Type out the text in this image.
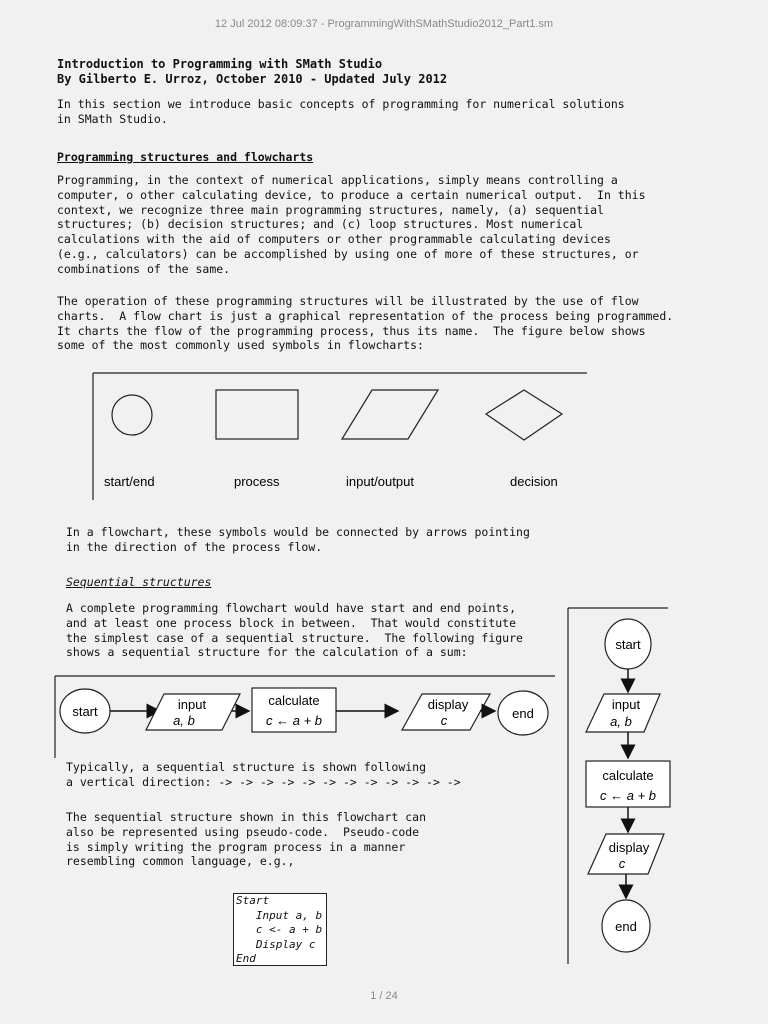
12 Jul 2012 08:09:37 - ProgrammingWithSMathStudio2012_Part1.sm
Introduction to Programming with SMath Studio
By Gilberto E. Urroz, October 2010 - Updated July 2012
In this section we introduce basic concepts of programming for numerical solutions
in SMath Studio.
Programming structures and flowcharts
Programming, in the context of numerical applications, simply means controlling a
computer, o other calculating device, to produce a certain numerical output.  In this
context, we recognize three main programming structures, namely, (a) sequential
structures; (b) decision structures; and (c) loop structures. Most numerical
calculations with the aid of computers or other programmable calculating devices
(e.g., calculators) can be accomplished by using one of more of these structures, or
combinations of the same.
The operation of these programming structures will be illustrated by the use of flow
charts.  A flow chart is just a graphical representation of the process being programmed.
It charts the flow of the programming process, thus its name.  The figure below shows
some of the most commonly used symbols in flowcharts:
start/end	process	input/output	decision
In a flowchart, these symbols would be connected by arrows pointing
in the direction of the process flow.
Sequential structures
A complete programming flowchart would have start and end points,
and at least one process block in between.  That would constitute
the simplest case of a sequential structure.  The following figure
shows a sequential structure for the calculation of a sum:
start	input
a, b
calculate
c ← a + b
display
c	end
Typically, a sequential structure is shown following
a vertical direction: -> -> -> -> -> -> -> -> -> -> -> ->
The sequential structure shown in this flowchart can
also be represented using pseudo-code.  Pseudo-code
is simply writing the program process in a manner
resembling common language, e.g.,
Start
Input a, b
c <- a + b
Display c
End
start
input
a, b
calculate
c ← a + b
display
c
end
1 / 24
